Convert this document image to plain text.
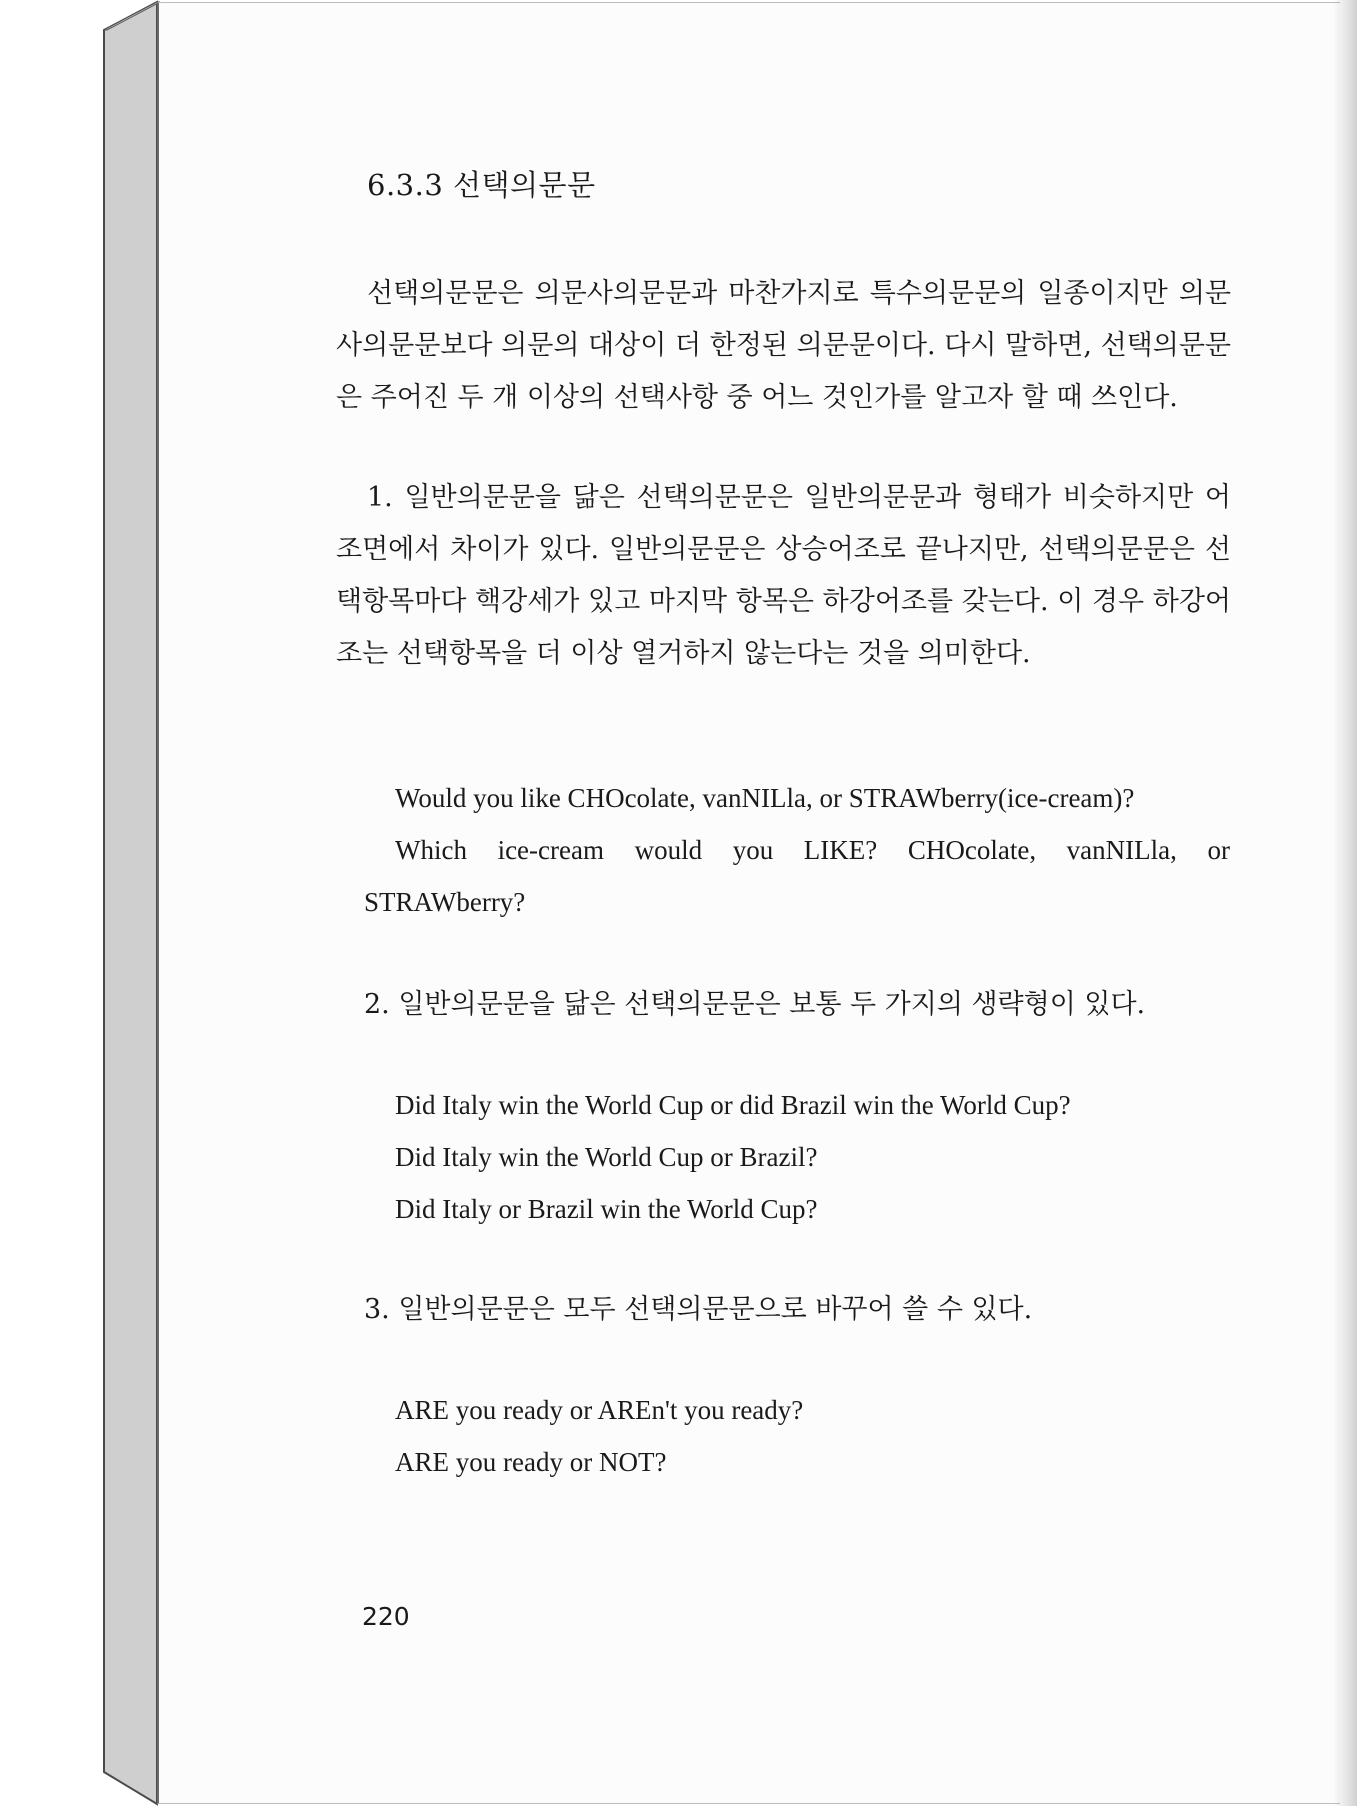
6.3.3 선택의문문

선택의문문은 의문사의문문과 마찬가지로 특수의문문의 일종이지만 의문사의문문보다 의문의 대상이 더 한정된 의문문이다. 다시 말하면, 선택의문문은 주어진 두 개 이상의 선택사항 중 어느 것인가를 알고자 할 때 쓰인다.

1. 일반의문문을 닮은 선택의문문은 일반의문문과 형태가 비슷하지만 어조면에서 차이가 있다. 일반의문문은 상승어조로 끝나지만, 선택의문문은 선택항목마다 핵강세가 있고 마지막 항목은 하강어조를 갖는다. 이 경우 하강어조는 선택항목을 더 이상 열거하지 않는다는 것을 의미한다.

Would you like CHOcolate, vanNILla, or STRAWberry(ice-cream)?
Which ice-cream would you LIKE? CHOcolate, vanNILla, or
STRAWberry?
2. 일반의문문을 닮은 선택의문문은 보통 두 가지의 생략형이 있다.
Did Italy win the World Cup or did Brazil win the World Cup?
Did Italy win the World Cup or Brazil?
Did Italy or Brazil win the World Cup?
3. 일반의문문은 모두 선택의문문으로 바꾸어 쓸 수 있다.
ARE you ready or AREn't you ready?
ARE you ready or NOT?
220
